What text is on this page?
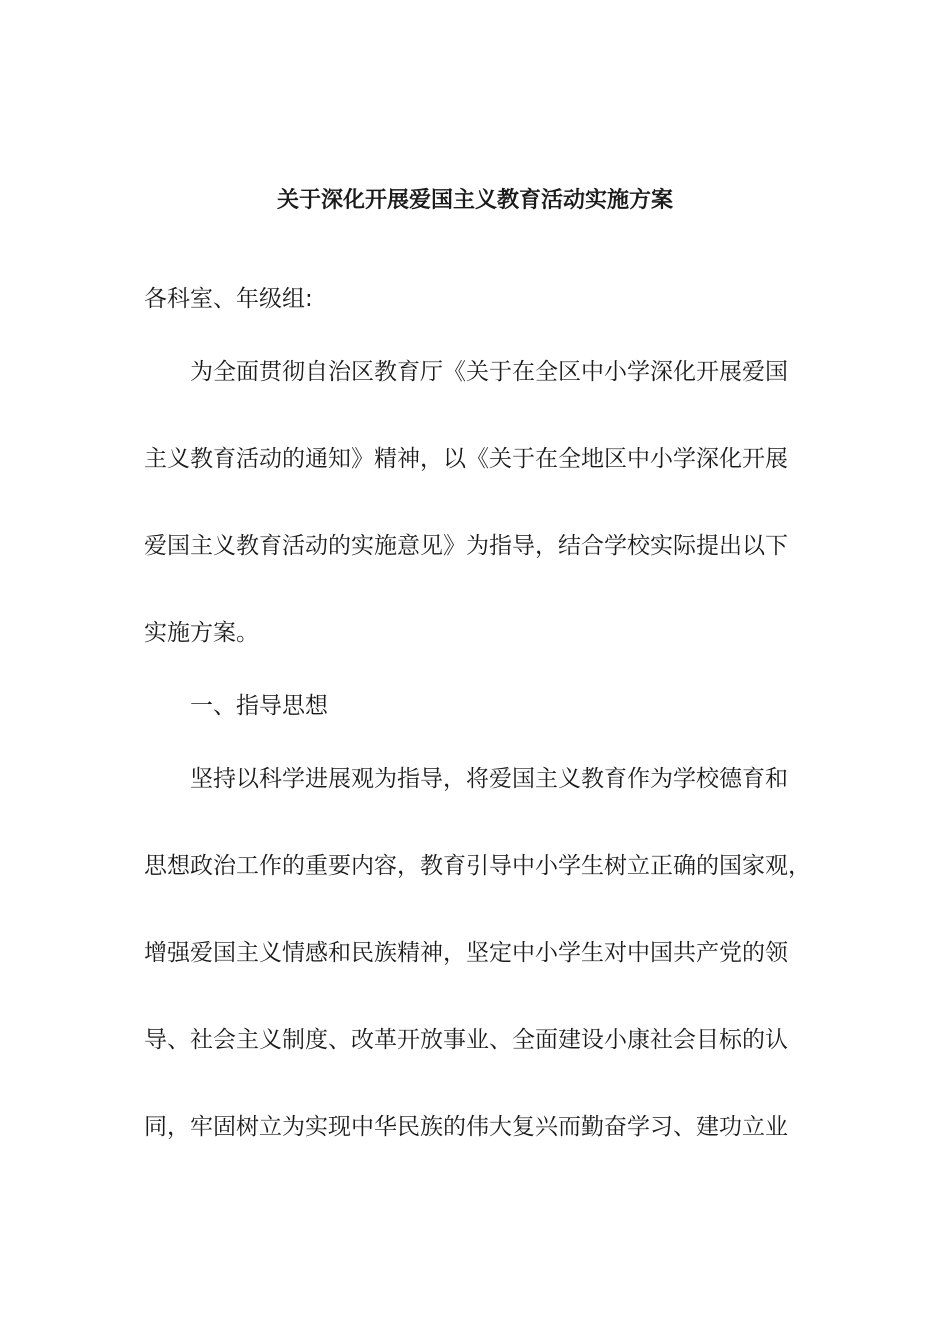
关于深化开展爱国主义教育活动实施方案
各科室、年级组:
为全面贯彻自治区教育厅《关于在全区中小学深化开展爱国
主义教育活动的通知》精神，以《关于在全地区中小学深化开展
爱国主义教育活动的实施意见》为指导，结合学校实际提出以下
实施方案。
一、指导思想
坚持以科学进展观为指导，将爱国主义教育作为学校德育和
思想政治工作的重要内容，教育引导中小学生树立正确的国家观，
增强爱国主义情感和民族精神，坚定中小学生对中国共产党的领
导、社会主义制度、改革开放事业、全面建设小康社会目标的认
同，牢固树立为实现中华民族的伟大复兴而勤奋学习、建功立业
